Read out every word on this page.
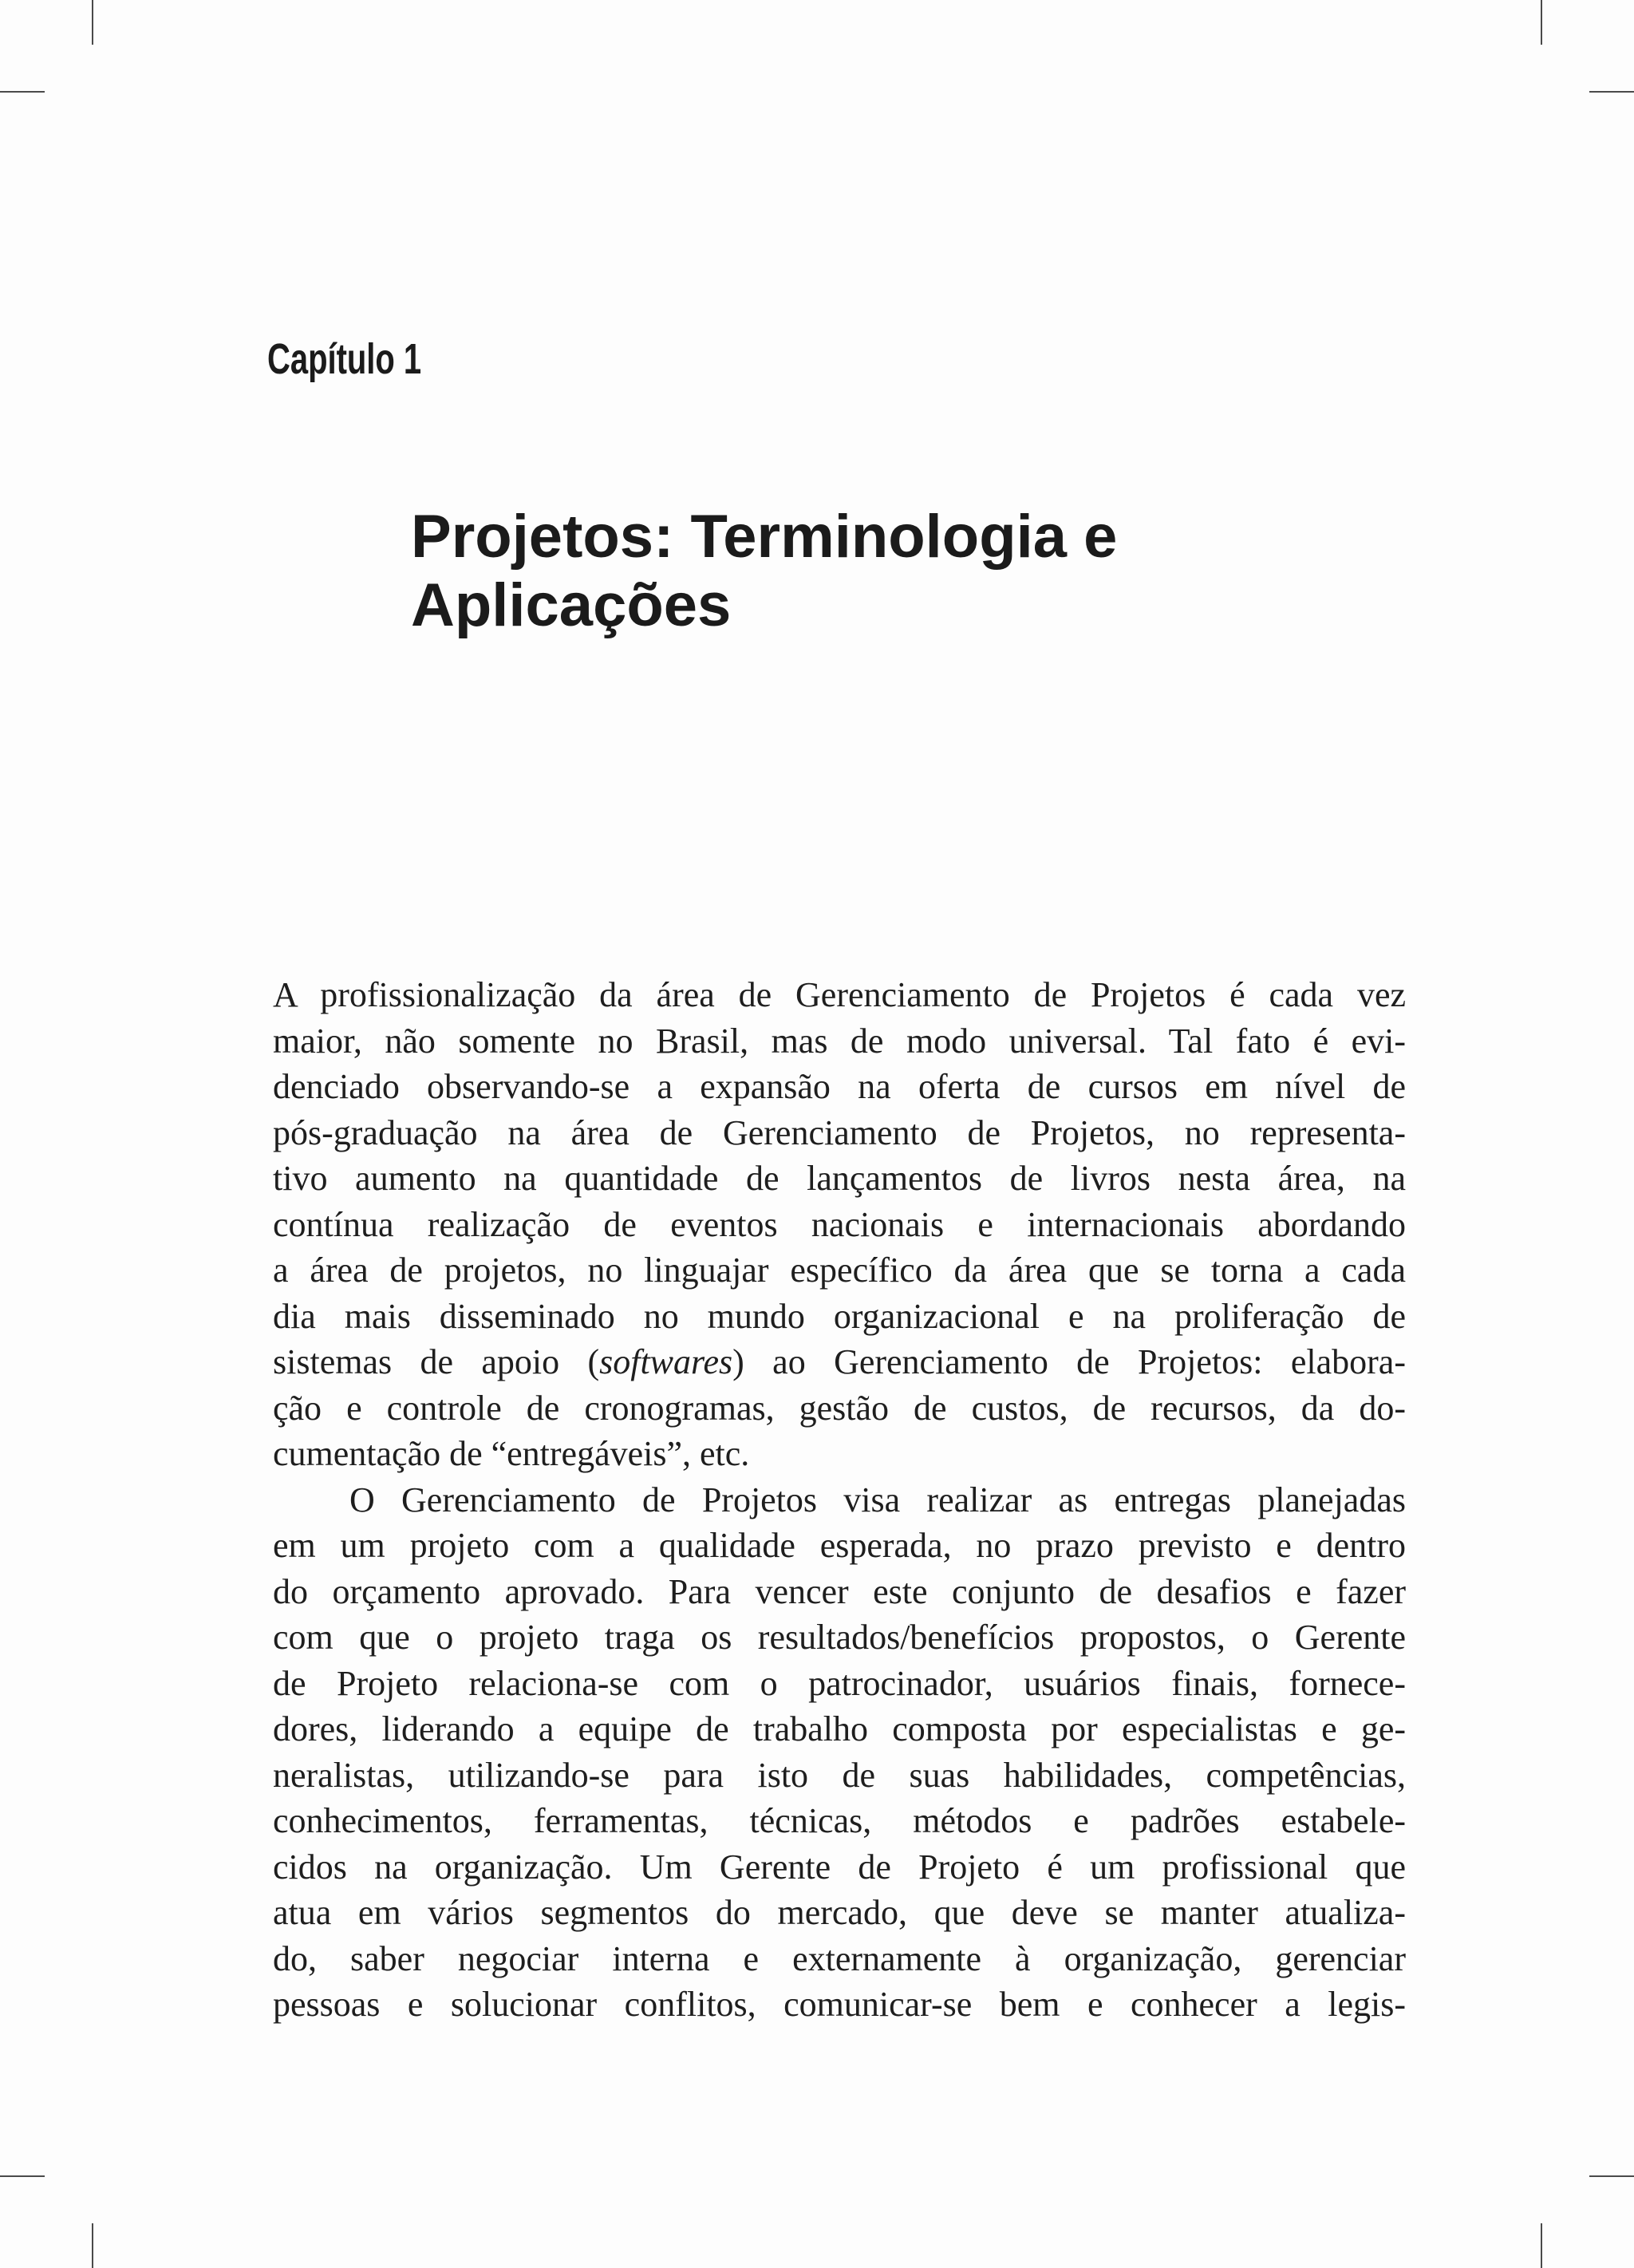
Capítulo 1

Projetos: Terminologia e
Aplicações

A profissionalização da área de Gerenciamento de Projetos é cada vez
maior, não somente no Brasil, mas de modo universal. Tal fato é evi-
denciado observando-se a expansão na oferta de cursos em nível de
pós-graduação na área de Gerenciamento de Projetos, no representa-
tivo aumento na quantidade de lançamentos de livros nesta área, na
contínua realização de eventos nacionais e internacionais abordando
a área de projetos, no linguajar específico da área que se torna a cada
dia mais disseminado no mundo organizacional e na proliferação de
sistemas de apoio (softwares) ao Gerenciamento de Projetos: elabora-
ção e controle de cronogramas, gestão de custos, de recursos, da do-
cumentação de “entregáveis”, etc.

O Gerenciamento de Projetos visa realizar as entregas planejadas
em um projeto com a qualidade esperada, no prazo previsto e dentro
do orçamento aprovado. Para vencer este conjunto de desafios e fazer
com que o projeto traga os resultados/benefícios propostos, o Gerente
de Projeto relaciona-se com o patrocinador, usuários finais, fornece-
dores, liderando a equipe de trabalho composta por especialistas e ge-
neralistas, utilizando-se para isto de suas habilidades, competências,
conhecimentos, ferramentas, técnicas, métodos e padrões estabele-
cidos na organização. Um Gerente de Projeto é um profissional que
atua em vários segmentos do mercado, que deve se manter atualiza-
do, saber negociar interna e externamente à organização, gerenciar
pessoas e solucionar conflitos, comunicar-se bem e conhecer a legis-
